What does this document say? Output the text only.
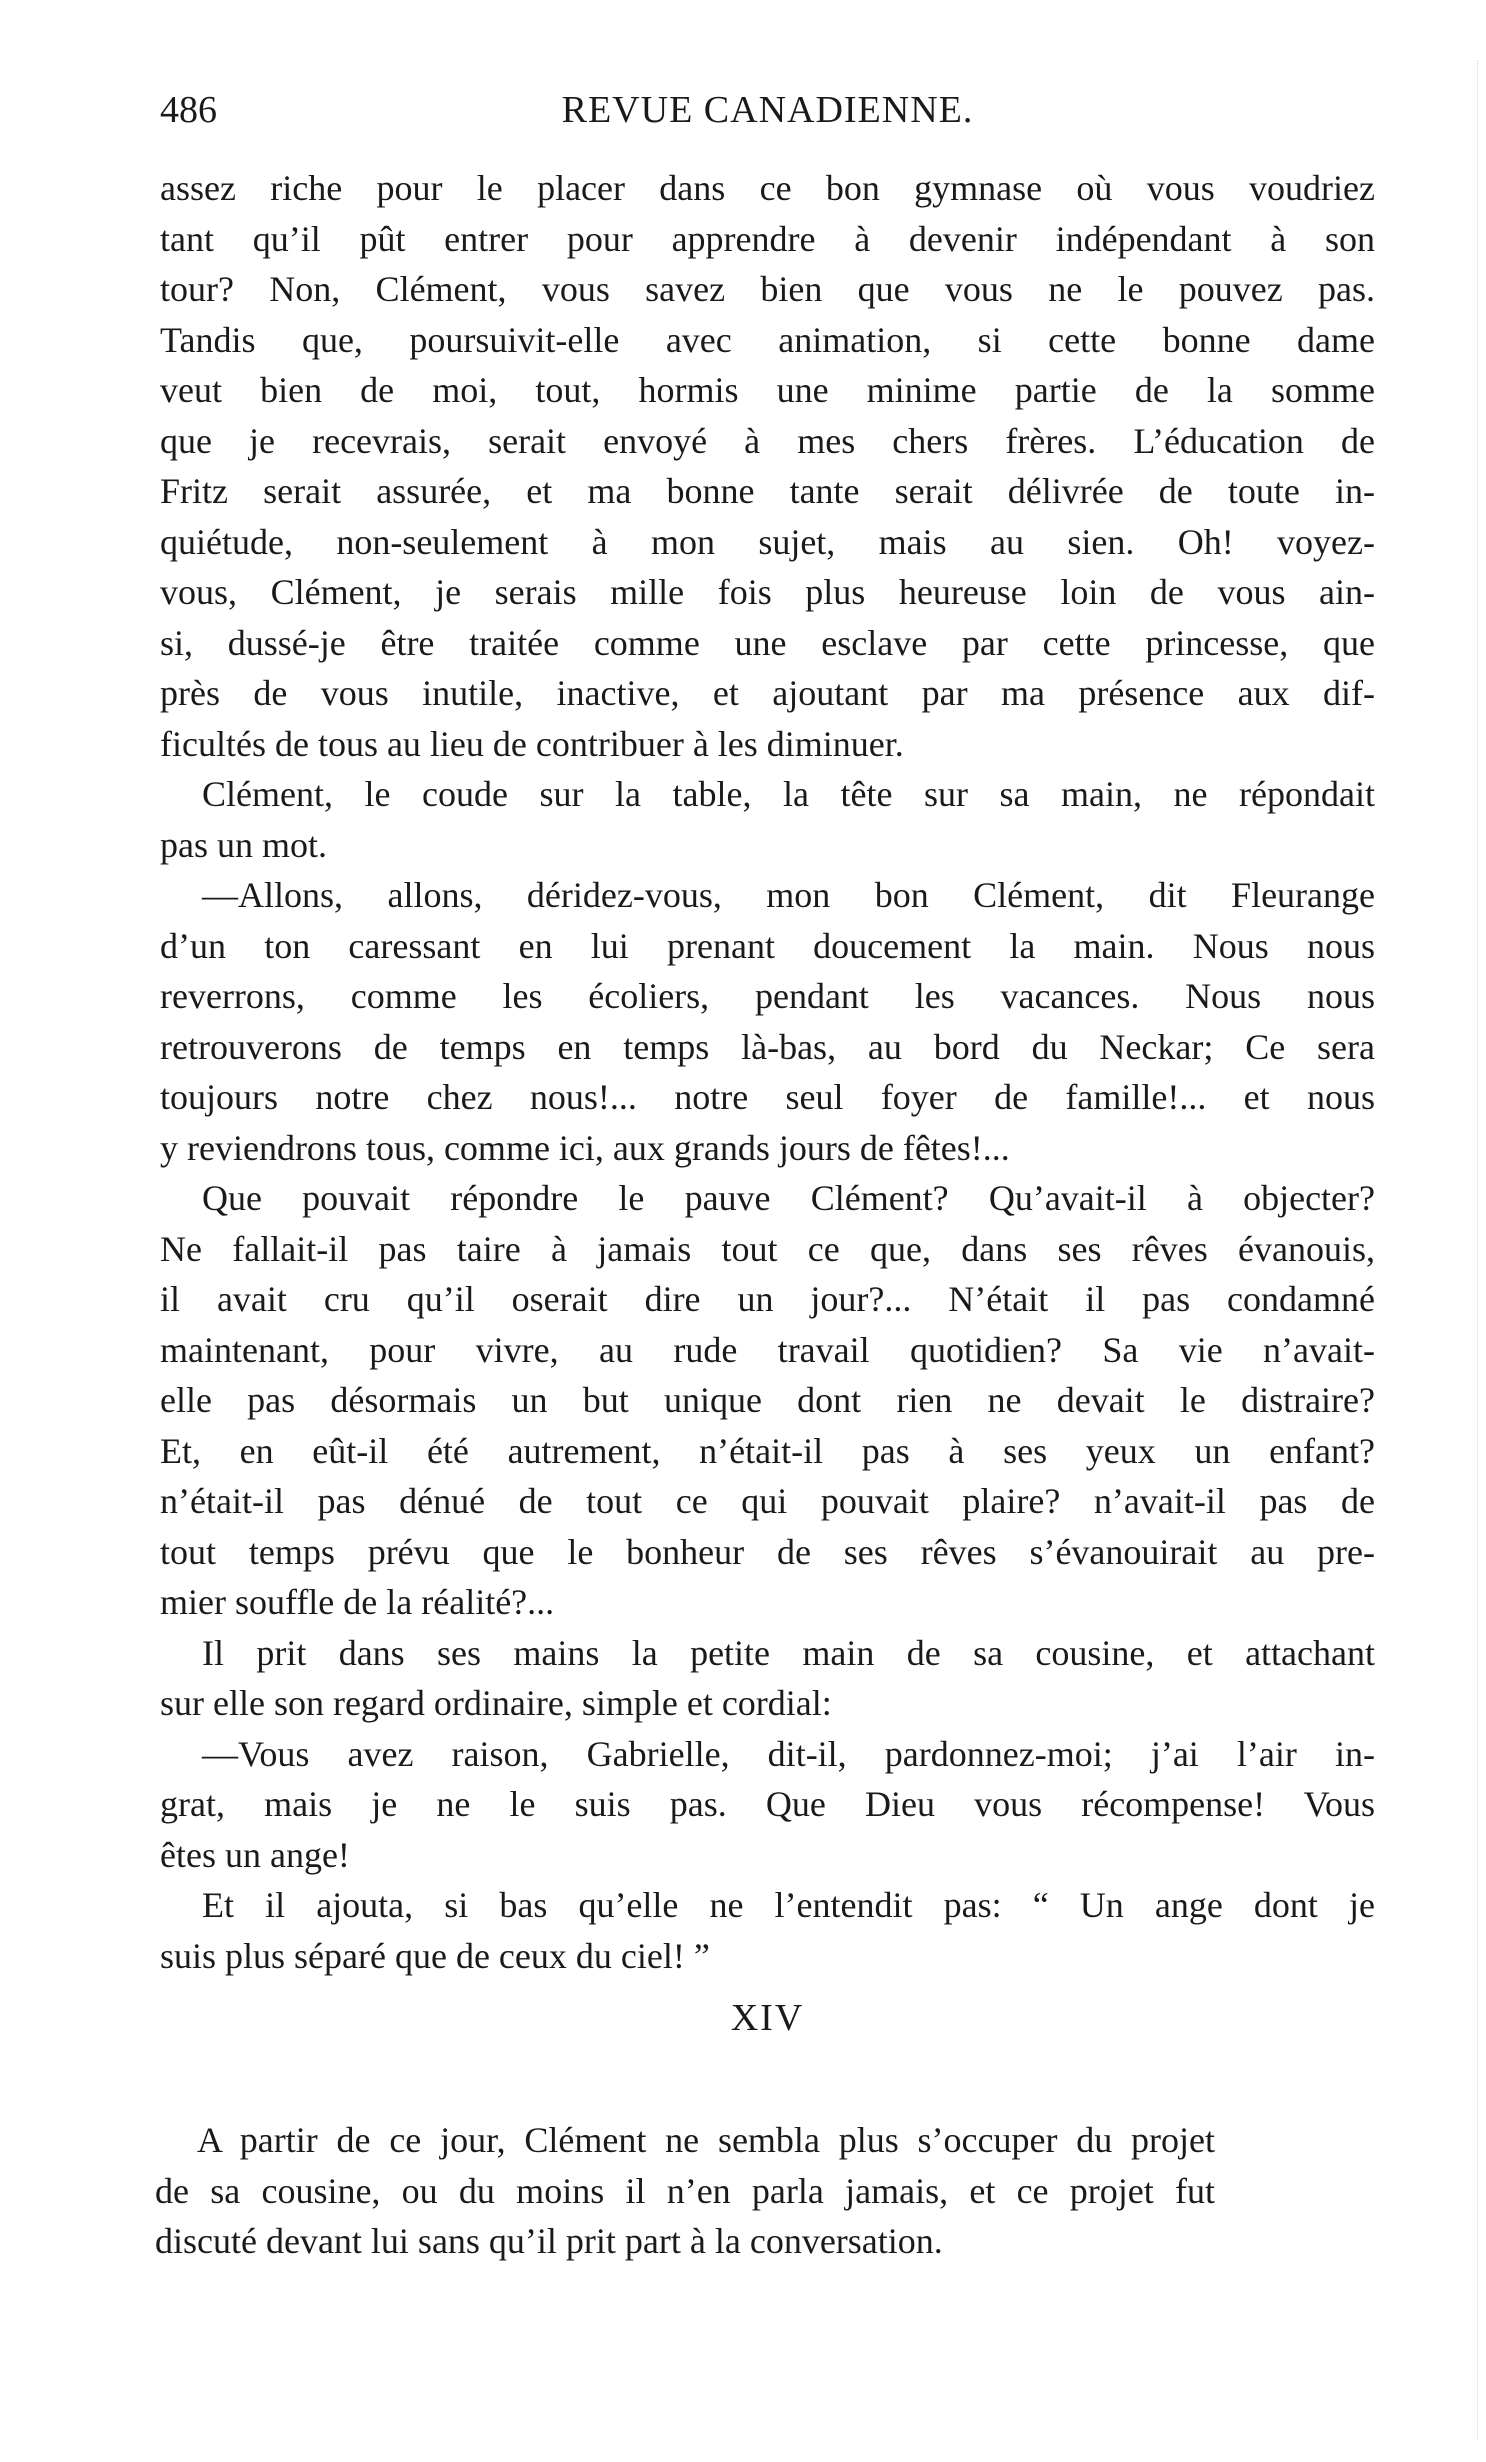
486	REVUE CANADIENNE.
assez riche pour le placer dans ce bon gymnase où vous voudriez
tant qu’il pût entrer pour apprendre à devenir indépendant à son
tour? Non, Clément, vous savez bien que vous ne le pouvez pas.
Tandis que, poursuivit-elle avec animation, si cette bonne dame
veut bien de moi, tout, hormis une minime partie de la somme
que je recevrais, serait envoyé à mes chers frères. L’éducation de
Fritz serait assurée, et ma bonne tante serait délivrée de toute in-
quiétude, non-seulement à mon sujet, mais au sien. Oh! voyez-
vous, Clément, je serais mille fois plus heureuse loin de vous ain-
si, dussé-je être traitée comme une esclave par cette princesse, que
près de vous inutile, inactive, et ajoutant par ma présence aux dif-
ficultés de tous au lieu de contribuer à les diminuer.
Clément, le coude sur la table, la tête sur sa main, ne répondait
pas un mot.
—Allons, allons, déridez-vous, mon bon Clément, dit Fleurange
d’un ton caressant en lui prenant doucement la main. Nous nous
reverrons, comme les écoliers, pendant les vacances. Nous nous
retrouverons de temps en temps là-bas, au bord du Neckar; Ce sera
toujours notre chez nous!... notre seul foyer de famille!... et nous
y reviendrons tous, comme ici, aux grands jours de fêtes!...
Que pouvait répondre le pauve Clément? Qu’avait-il à objecter?
Ne fallait-il pas taire à jamais tout ce que, dans ses rêves évanouis,
il avait cru qu’il oserait dire un jour?... N’était il pas condamné
maintenant, pour vivre, au rude travail quotidien? Sa vie n’avait-
elle pas désormais un but unique dont rien ne devait le distraire?
Et, en eût-il été autrement, n’était-il pas à ses yeux un enfant?
n’était-il pas dénué de tout ce qui pouvait plaire? n’avait-il pas de
tout temps prévu que le bonheur de ses rêves s’évanouirait au pre-
mier souffle de la réalité?...
Il prit dans ses mains la petite main de sa cousine, et attachant
sur elle son regard ordinaire, simple et cordial:
—Vous avez raison, Gabrielle, dit-il, pardonnez-moi; j’ai l’air in-
grat, mais je ne le suis pas. Que Dieu vous récompense! Vous
êtes un ange!
Et il ajouta, si bas qu’elle ne l’entendit pas: “ Un ange dont je
suis plus séparé que de ceux du ciel! ”
XIV
A partir de ce jour, Clément ne sembla plus s’occuper du projet
de sa cousine, ou du moins il n’en parla jamais, et ce projet fut
discuté devant lui sans qu’il prit part à la conversation.
